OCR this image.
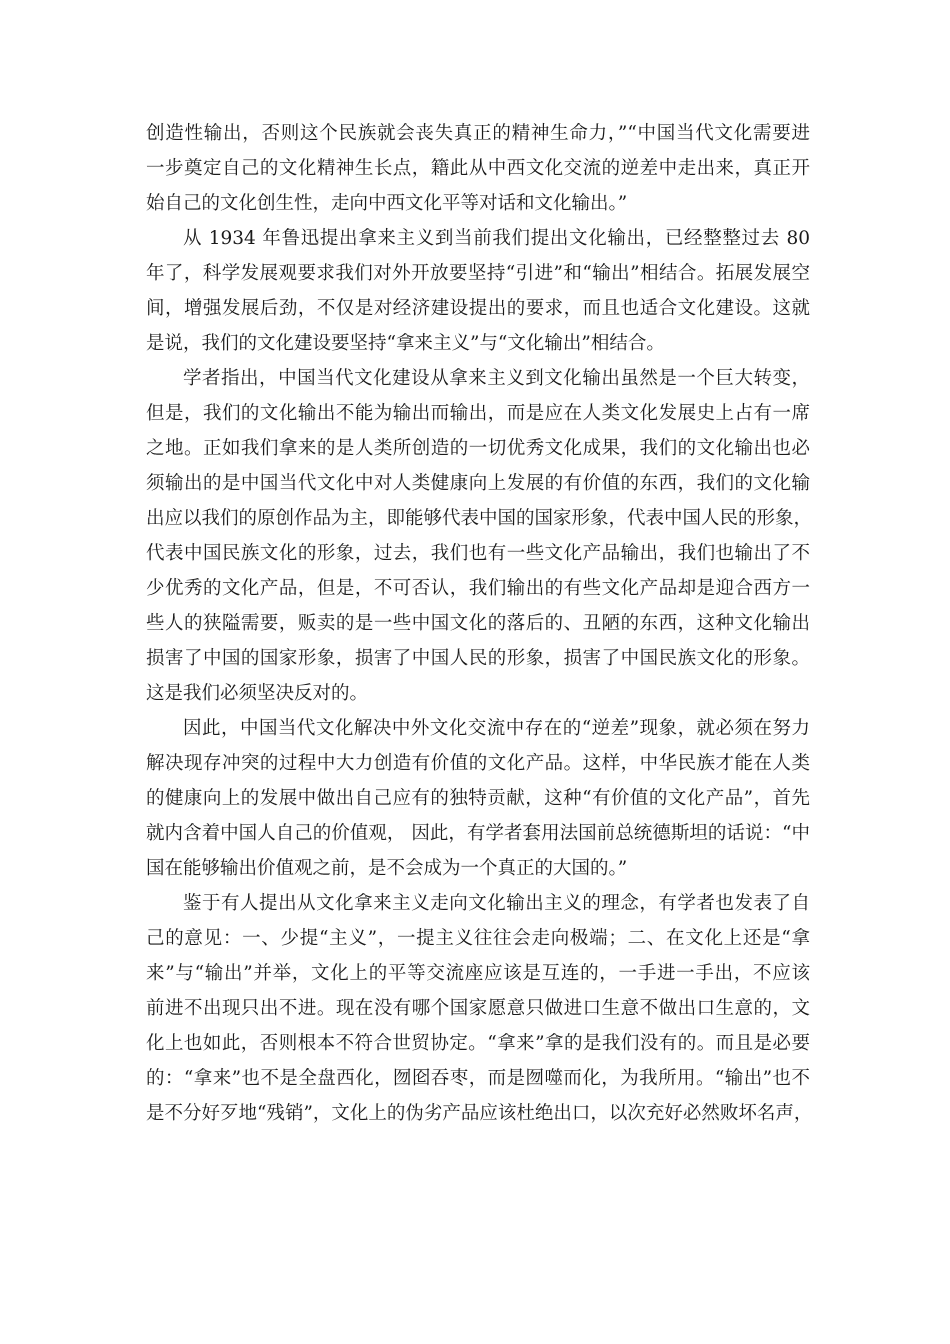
创造性输出，否则这个民族就会丧失真正的精神生命力，”“中国当代文化需要进
一步奠定自己的文化精神生长点，籍此从中西文化交流的逆差中走出来，真正开
始自己的文化创生性，走向中西文化平等对话和文化输出。”
从 1934 年鲁迅提出拿来主义到当前我们提出文化输出，已经整整过去 80
年了，科学发展观要求我们对外开放要坚持“引进”和“输出”相结合。拓展发展空
间，增强发展后劲，不仅是对经济建设提出的要求，而且也适合文化建设。这就
是说，我们的文化建设要坚持“拿来主义”与“文化输出”相结合。
学者指出，中国当代文化建设从拿来主义到文化输出虽然是一个巨大转变，
但是，我们的文化输出不能为输出而输出，而是应在人类文化发展史上占有一席
之地。正如我们拿来的是人类所创造的一切优秀文化成果，我们的文化输出也必
须输出的是中国当代文化中对人类健康向上发展的有价值的东西，我们的文化输
出应以我们的原创作品为主，即能够代表中国的国家形象，代表中国人民的形象，
代表中国民族文化的形象，过去，我们也有一些文化产品输出，我们也输出了不
少优秀的文化产品，但是，不可否认，我们输出的有些文化产品却是迎合西方一
些人的狭隘需要，贩卖的是一些中国文化的落后的、丑陋的东西，这种文化输出
损害了中国的国家形象，损害了中国人民的形象，损害了中国民族文化的形象。
这是我们必须坚决反对的。
因此，中国当代文化解决中外文化交流中存在的“逆差”现象，就必须在努力
解决现存冲突的过程中大力创造有价值的文化产品。这样，中华民族才能在人类
的健康向上的发展中做出自己应有的独特贡献，这种“有价值的文化产品”，首先
就内含着中国人自己的价值观， 因此，有学者套用法国前总统德斯坦的话说：“中
国在能够输出价值观之前，是不会成为一个真正的大国的。”
鉴于有人提出从文化拿来主义走向文化输出主义的理念，有学者也发表了自
己的意见：一、少提“主义”，一提主义往往会走向极端；二、在文化上还是“拿
来”与“输出”并举，文化上的平等交流座应该是互连的，一手进一手出，不应该
前进不出现只出不进。现在没有哪个国家愿意只做进口生意不做出口生意的，文
化上也如此，否则根本不符合世贸协定。“拿来”拿的是我们没有的。而且是必要
的：“拿来”也不是全盘西化，囫囵吞枣，而是囫噬而化，为我所用。“输出”也不
是不分好歹地“残销”，文化上的伪劣产品应该杜绝出口，以次充好必然败坏名声，
